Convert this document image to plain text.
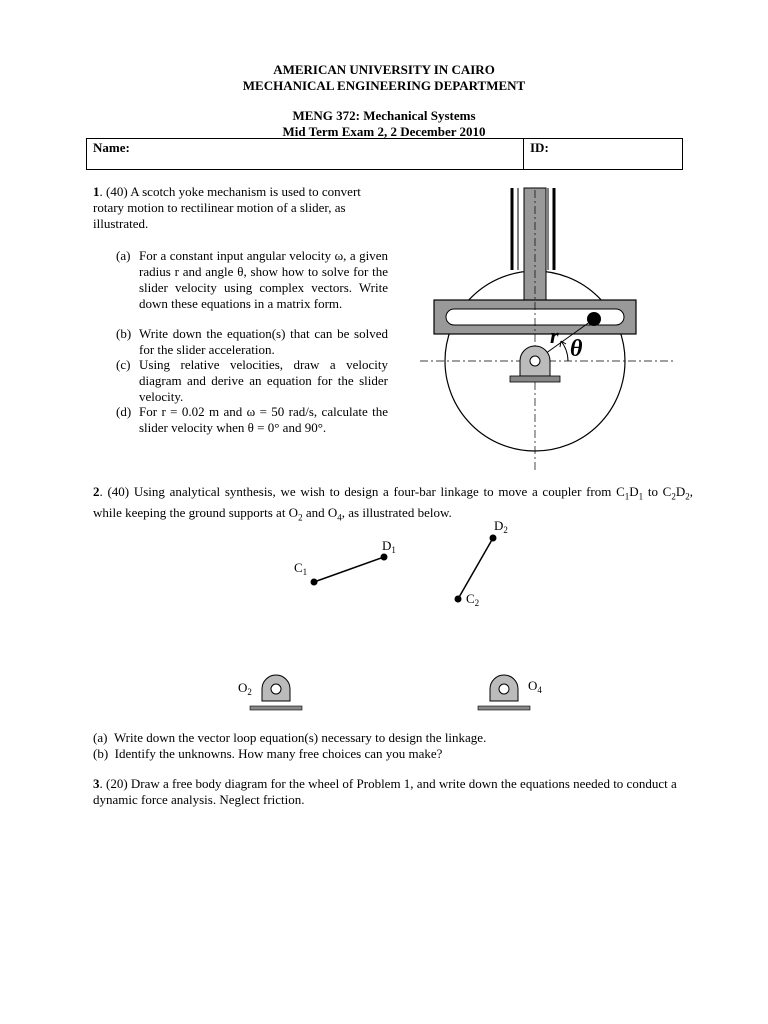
AMERICAN UNIVERSITY IN CAIRO
MECHANICAL ENGINEERING DEPARTMENT
MENG 372: Mechanical Systems
Mid Term Exam 2, 2 December 2010
Name:	ID:
1. (40) A scotch yoke mechanism is used to convert rotary motion to rectilinear motion of a slider, as illustrated.
(a) For a constant input angular velocity ω, a given radius r and angle θ, show how to solve for the slider velocity using complex vectors. Write down these equations in a matrix form.
(b) Write down the equation(s) that can be solved for the slider acceleration.
(c) Using relative velocities, draw a velocity diagram and derive an equation for the slider velocity.
(d) For r = 0.02 m and ω = 50 rad/s, calculate the slider velocity when θ = 0° and 90°.
r
θ
2. (40) Using analytical synthesis, we wish to design a four-bar linkage to move a coupler from $C_1D_1$ to $C_2D_2$, while keeping the ground supports at $O_2$ and $O_4$, as illustrated below.
$C_1$
$D_1$
$C_2$
$D_2$
$O_2$	$O_4$
(a) Write down the vector loop equation(s) necessary to design the linkage.
(b) Identify the unknowns. How many free choices can you make?
3. (20) Draw a free body diagram for the wheel of Problem 1, and write down the equations needed to conduct a dynamic force analysis. Neglect friction.
